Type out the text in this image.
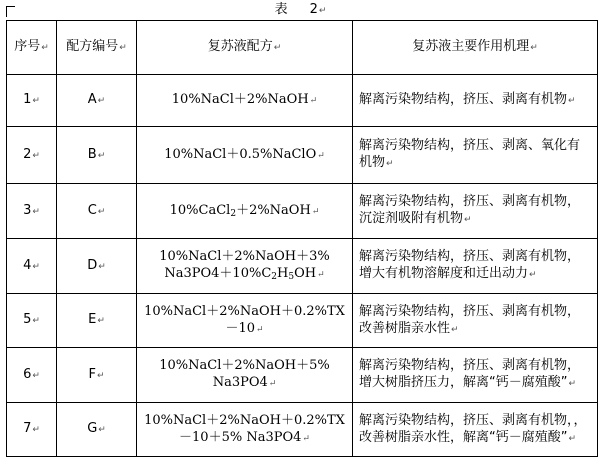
表 2↵
序号↵	配方编号↵	复苏液配方↵	复苏液主要作用机理↵
1↵	A↵	10%NaCl＋2%NaOH↵	解离污染物结构，挤压、剥离有机物↵
2↵	B↵	10%NaCl＋0.5%NaClO↵	解离污染物结构，挤压、剥离、氧化有
机物↵
3↵	C↵	10%CaCl$_2$＋2%NaOH↵	解离污染物结构，挤压、剥离有机物，
沉淀剂吸附有机物↵
4↵	D↵	10%NaCl＋2%NaOH＋3%
$Na3PO4+10\%C_2H_5OH↵$	解离污染物结构，挤压、剥离有机物，
增大有机物溶解度和迁出动力↵
5↵	E↵	10%NaCl＋2%NaOH＋0.2%TX
－10↵	解离污染物结构，挤压、剥离有机物，
改善树脂亲水性↵
6↵	F↵	10%NaCl＋2%NaOH＋5%
Na3PO4↵	解离污染物结构，挤压、剥离有机物，
增大树脂挤压力，解离“钙－腐殖酸”↵
7↵	G↵	10%NaCl＋2%NaOH＋0.2%TX
－10＋5% Na3PO4↵	解离污染物结构，挤压、剥离有机物，，
改善树脂亲水性，解离“钙－腐殖酸”↵
